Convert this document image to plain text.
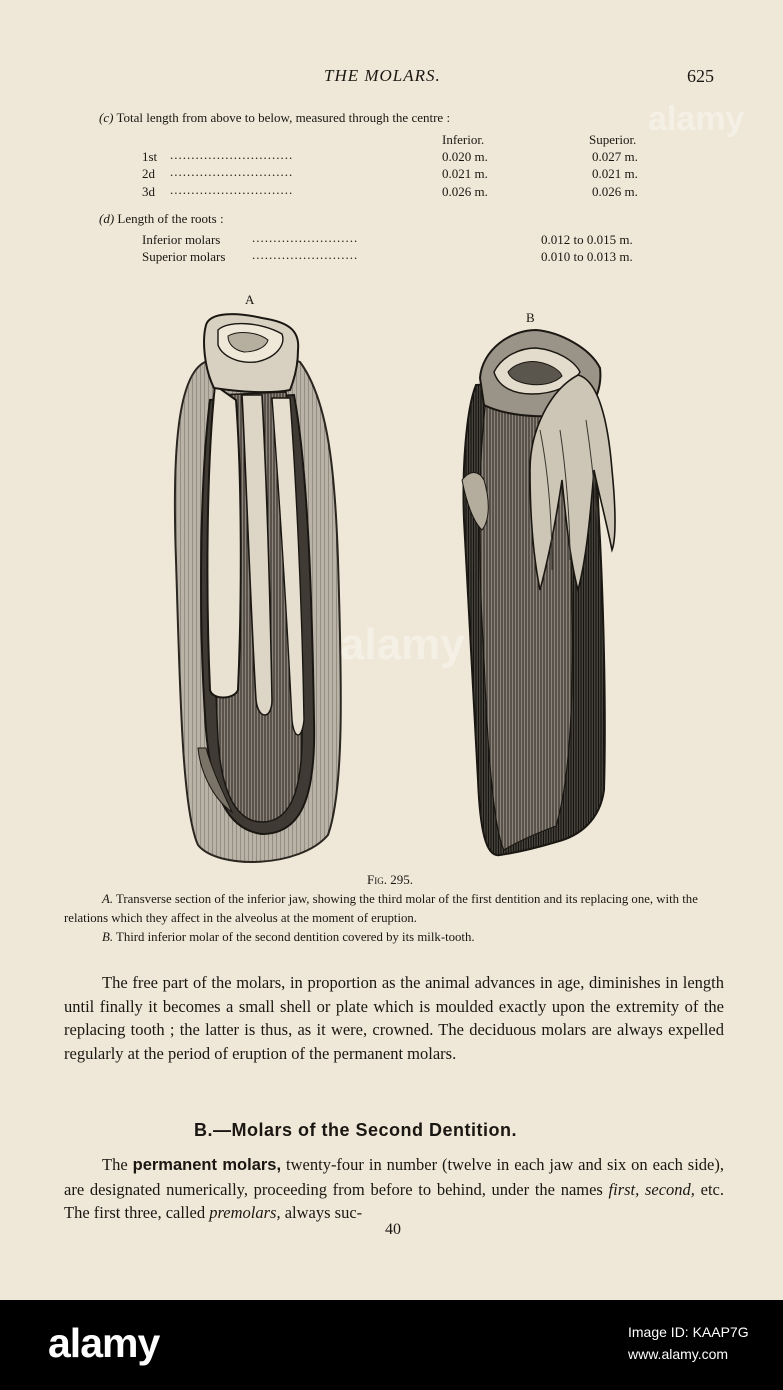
THE MOLARS.	625
(c) Total length from above to below, measured through the centre :
Inferior.	Superior.
1st .............................	0.020 m.	0.027 m.
2d .............................	0.021 m.	0.021 m.
3d .............................	0.026 m.	0.026 m.
(d) Length of the roots :
Inferior molars .........................	0.012 to 0.015 m.
Superior molars .........................	0.010 to 0.013 m.
A
B
Fig. 295.
A. Transverse section of the inferior jaw, showing the third molar of the first dentition and its replacing one, with the relations which they affect in the alveolus at the moment of eruption.
B. Third inferior molar of the second dentition covered by its milk-tooth.
The free part of the molars, in proportion as the animal advances in age, diminishes in length until finally it becomes a small shell or plate which is moulded exactly upon the extremity of the replacing tooth ; the latter is thus, as it were, crowned. The deciduous molars are always expelled regularly at the period of eruption of the permanent molars.
B.—Molars of the Second Dentition.
The permanent molars, twenty-four in number (twelve in each jaw and six on each side), are designated numerically, proceeding from before to behind, under the names first, second, etc. The first three, called premolars, always suc-
40
alamy
alamy
alamy	Image ID: KAAP7G
www.alamy.com
